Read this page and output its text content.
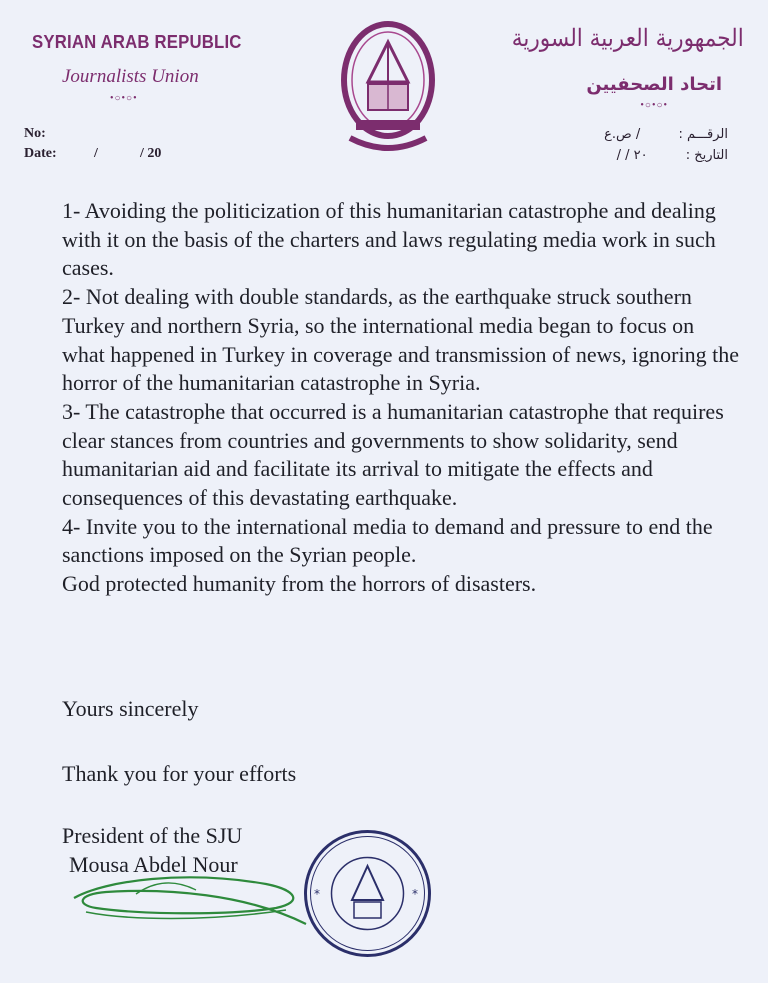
SYRIAN ARAB REPUBLIC
Journalists Union
•○•○•
الجمهورية العربية السورية
اتحاد الصحفيين
•○•○•
No:
Date:	/	/ 20
الرقـــم : / ص.ع
التاريخ : ٢٠ / /

1- Avoiding the politicization of this humanitarian catastrophe and dealing with it on the basis of the charters and laws regulating media work in such cases.

2- Not dealing with double standards, as the earthquake struck southern Turkey and northern Syria, so the international media began to focus on what happened in Turkey in coverage and transmission of news, ignoring the horror of the humanitarian catastrophe in Syria.

3- The catastrophe that occurred is a humanitarian catastrophe that requires clear stances from countries and governments to show solidarity, send humanitarian aid and facilitate its arrival to mitigate the effects and consequences of this devastating earthquake.

4- Invite you to the international media to demand and pressure to end the sanctions imposed on the Syrian people.

God protected humanity from the horrors of disasters.

Yours sincerely
Thank you for your efforts
President of the SJU
Mousa Abdel Nour
*	*
